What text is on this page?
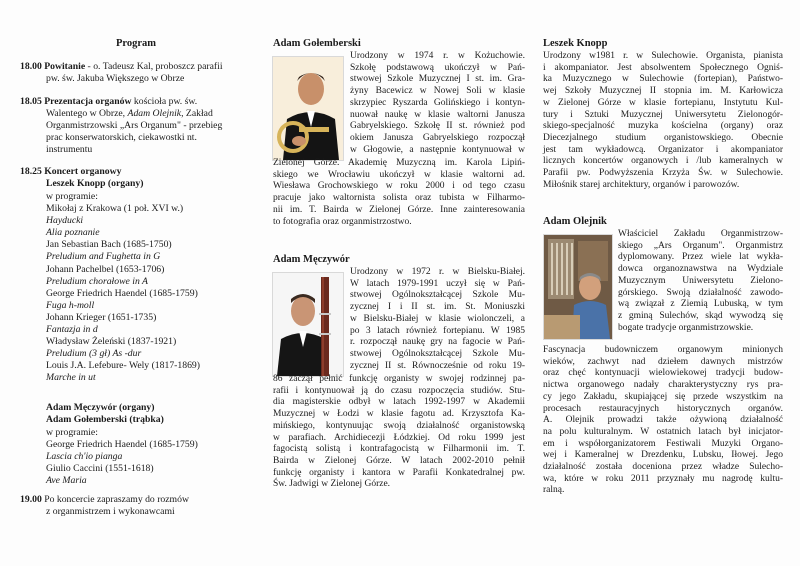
Program
18.00 Powitanie - o. Tadeusz Kal, proboszcz parafii
pw. św. Jakuba Większego w Obrze
18.05 Prezentacja organów kościoła pw. św.
Walentego w Obrze, Adam Olejnik, Zakład
Organmistrzowski „Ars Organum" - przebieg
prac konserwatorskich, ciekawostki nt.
instrumentu
18.25 Koncert organowy
Leszek Knopp (organy)
w programie:
Mikołaj z Krakowa (1 poł. XVI w.)
Hayducki
Alia poznanie
Jan Sebastian Bach (1685-1750)
Preludium and Fughetta in G
Johann Pachelbel (1653-1706)
Preludium chorałowe in A
George Friedrich Haendel (1685-1759)
Fuga h-moll
Johann Krieger (1651-1735)
Fantazja in d
Władysław Żeleński (1837-1921)
Preludium (3 gł) As -dur
Louis J.A. Lefebure- Wely (1817-1869)
Marche in ut
Adam Męczywór (organy)
Adam Gołemberski (trąbka)
w programie:
George Friedrich Haendel (1685-1759)
Lascia ch'io pianga
Giulio Caccini (1551-1618)
Ave Maria
19.00 Po koncercie zapraszamy do rozmów
z organmistrzem i wykonawcami
Adam Gołemberski
Urodzony w 1974 r. w Kożuchowie.
Szkołę podstawową ukończył w Pań-
stwowej Szkole Muzycznej I st. im. Gra-
żyny Bacewicz w Nowej Soli w klasie
skrzypiec Ryszarda Golińskiego i kontyn-
nuował naukę w klasie waltorni Janusza
Gabryelskiego. Szkołę II st. również pod
okiem Janusza Gabryelskiego rozpoczął
w Głogowie, a następnie kontynuował w
Zielonej Górze. Akademię Muzyczną im. Karola Lipiń-
skiego we Wrocławiu ukończył w klasie waltorni ad.
Wiesława Grochowskiego w roku 2000 i od tego czasu
pracuje jako waltornista solista oraz tubista w Filharmo-
nii im. T. Bairda w Zielonej Górze. Inne zainteresowania
to fotografia oraz organmistrzostwo.
Adam Męczywór
Urodzony w 1972 r. w Bielsku-Białej.
W latach 1979-1991 uczył się w Pań-
stwowej Ogólnokształcącej Szkole Mu-
zycznej I i II st. im. St. Moniuszki
w Bielsku-Białej w klasie wiolonczeli, a
po 3 latach również fortepianu. W 1985
r. rozpoczął naukę gry na fagocie w Pań-
stwowej Ogólnokształcącej Szkole Mu-
zycznej II st. Równocześnie od roku 19-
86 zaczął pełnić funkcję organisty w swojej rodzinnej pa-
rafii i kontynuował ją do czasu rozpoczęcia studiów. Stu-
dia magisterskie odbył w latach 1992-1997 w Akademii
Muzycznej w Łodzi w klasie fagotu ad. Krzysztofa Ka-
mińskiego, kontynuując swoją działalność organistowską
w parafiach. Archidiecezji Łódzkiej. Od roku 1999 jest
fagocistą solistą i kontrafagocistą w Filharmonii im. T.
Bairda w Zielonej Górze. W latach 2002-2010 pełnił
funkcję organisty i kantora w Parafii Konkatedralnej pw.
Św. Jadwigi w Zielonej Górze.
Leszek Knopp
Urodzony w1981 r. w Sulechowie. Organista, pianista
i akompaniator. Jest absolwentem Społecznego Ogniś-
ka Muzycznego w Sulechowie (fortepian), Państwo-
wej Szkoły Muzycznej II stopnia im. M. Karłowicza
w Zielonej Górze w klasie fortepianu, Instytutu Kul-
tury i Sztuki Muzycznej Uniwersytetu Zielonogór-
skiego-specjalność muzyka kościelna (organy) oraz
Diecezjalnego studium organistowskiego. Obecnie
jest tam wykładowcą. Organizator i akompaniator
licznych koncertów organowych i /lub kameralnych w
Parafii pw. Podwyższenia Krzyża Św. w Sulechowie.
Miłośnik starej architektury, organów i parowozów.
Adam Olejnik
Właściciel Zakładu Organmistrzow-
skiego „Ars Organum". Organmistrz
dyplomowany. Przez wiele lat wykła-
dowca organoznawstwa na Wydziale
Muzycznym Uniwersytetu Zielono-
górskiego. Swoją działalność zawodo-
wą związał z Ziemią Lubuską, w tym
z gminą Sulechów, skąd wywodzą się
bogate tradycje organmistrzowskie.
Fascynacja budowniczem organowym minionych
wieków, zachwyt nad dziełem dawnych mistrzów
oraz chęć kontynuacji wielowiekowej tradycji budow-
nictwa organowego nadały charakterystyczny rys pra-
cy jego Zakładu, skupiającej się przede wszystkim na
procesach restauracyjnych historycznych organów.
A. Olejnik prowadzi także ożywioną działalność
na polu kulturalnym. W ostatnich latach był inicjator-
em i współorganizatorem Festiwali Muzyki Organo-
wej i Kameralnej w Drezdenku, Lubsku, Iłowej. Jego
działalność została doceniona przez władze Sulecho-
wa, które w roku 2011 przyznały mu nagrodę kultu-
ralną.
